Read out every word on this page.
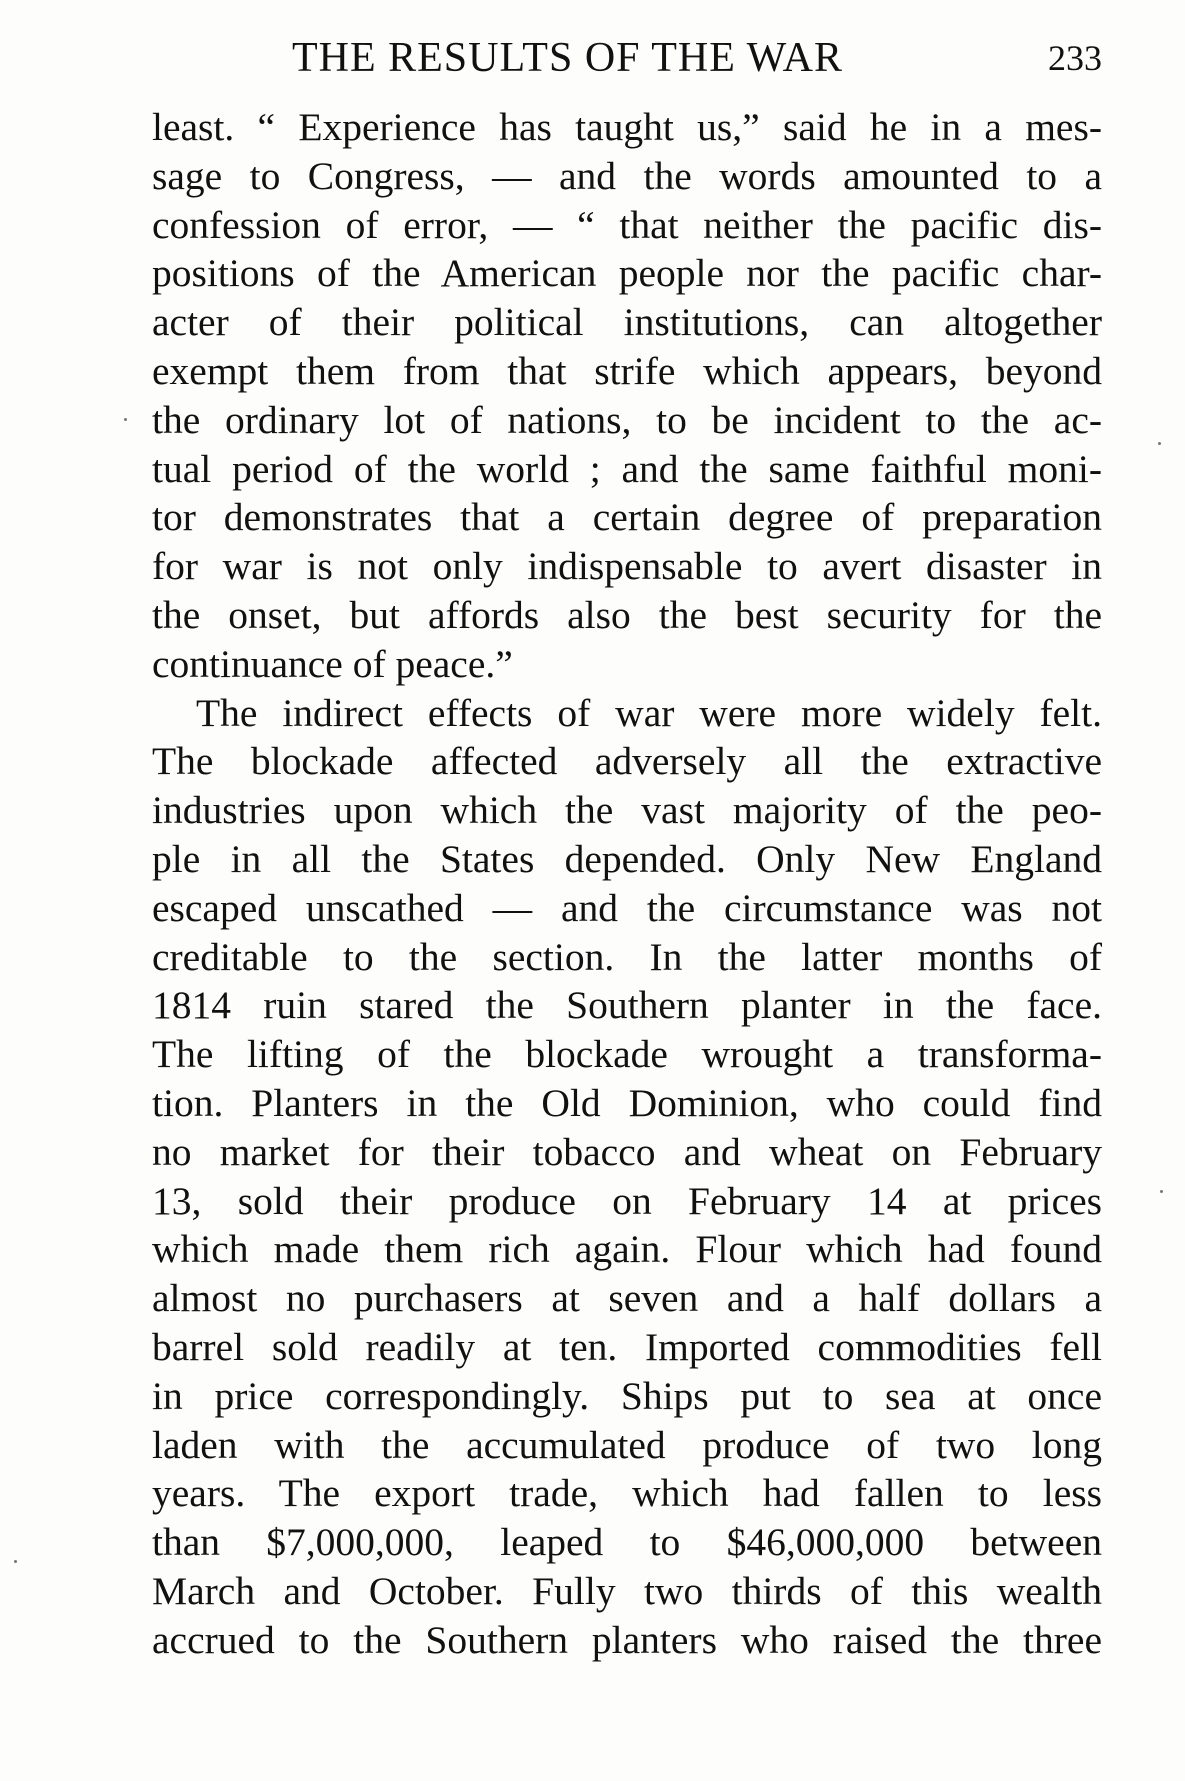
THE RESULTS OF THE WAR	233
least. “ Experience has taught us,” said he in a mes-
sage to Congress, — and the words amounted to a
confession of error, — “ that neither the pacific dis-
positions of the American people nor the pacific char-
acter of their political institutions, can altogether
exempt them from that strife which appears, beyond
the ordinary lot of nations, to be incident to the ac-
tual period of the world ; and the same faithful moni-
tor demonstrates that a certain degree of preparation
for war is not only indispensable to avert disaster in
the onset, but affords also the best security for the
continuance of peace.”
The indirect effects of war were more widely felt.
The blockade affected adversely all the extractive
industries upon which the vast majority of the peo-
ple in all the States depended. Only New England
escaped unscathed — and the circumstance was not
creditable to the section. In the latter months of
1814 ruin stared the Southern planter in the face.
The lifting of the blockade wrought a transforma-
tion. Planters in the Old Dominion, who could find
no market for their tobacco and wheat on February
13, sold their produce on February 14 at prices
which made them rich again. Flour which had found
almost no purchasers at seven and a half dollars a
barrel sold readily at ten. Imported commodities fell
in price correspondingly. Ships put to sea at once
laden with the accumulated produce of two long
years. The export trade, which had fallen to less
than $7,000,000, leaped to $46,000,000 between
March and October. Fully two thirds of this wealth
accrued to the Southern planters who raised the three
